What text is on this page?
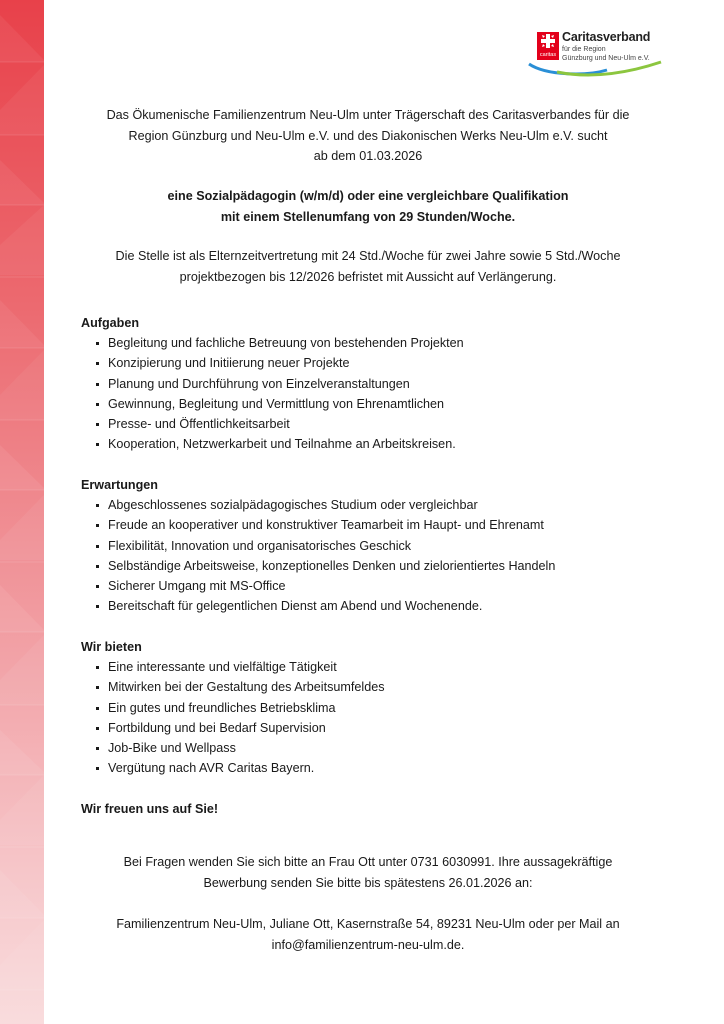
caritas
Caritasverband
für die Region
Günzburg und Neu-Ulm e.V.

Das Ökumenische Familienzentrum Neu-Ulm unter Trägerschaft des Caritasverbandes für die

Region Günzburg und Neu-Ulm e.V. und des Diakonischen Werks Neu-Ulm e.V. sucht

ab dem 01.03.2026

eine Sozialpädagogin (w/m/d) oder eine vergleichbare Qualifikation

mit einem Stellenumfang von 29 Stunden/Woche.

Die Stelle ist als Elternzeitvertretung mit 24 Std./Woche für zwei Jahre sowie 5 Std./Woche

projektbezogen bis 12/2026 befristet mit Aussicht auf Verlängerung.

Aufgaben
Begleitung und fachliche Betreuung von bestehenden Projekten
Konzipierung und Initiierung neuer Projekte
Planung und Durchführung von Einzelveranstaltungen
Gewinnung, Begleitung und Vermittlung von Ehrenamtlichen
Presse- und Öffentlichkeitsarbeit
Kooperation, Netzwerkarbeit und Teilnahme an Arbeitskreisen.
Erwartungen
Abgeschlossenes sozialpädagogisches Studium oder vergleichbar
Freude an kooperativer und konstruktiver Teamarbeit im Haupt- und Ehrenamt
Flexibilität, Innovation und organisatorisches Geschick
Selbständige Arbeitsweise, konzeptionelles Denken und zielorientiertes Handeln
Sicherer Umgang mit MS-Office
Bereitschaft für gelegentlichen Dienst am Abend und Wochenende.
Wir bieten
Eine interessante und vielfältige Tätigkeit
Mitwirken bei der Gestaltung des Arbeitsumfeldes
Ein gutes und freundliches Betriebsklima
Fortbildung und bei Bedarf Supervision
Job-Bike und Wellpass
Vergütung nach AVR Caritas Bayern.
Wir freuen uns auf Sie!

Bei Fragen wenden Sie sich bitte an Frau Ott unter 0731 6030991. Ihre aussagekräftige

Bewerbung senden Sie bitte bis spätestens 26.01.2026 an:

Familienzentrum Neu-Ulm, Juliane Ott, Kasernstraße 54, 89231 Neu-Ulm oder per Mail an

info@familienzentrum-neu-ulm.de.
